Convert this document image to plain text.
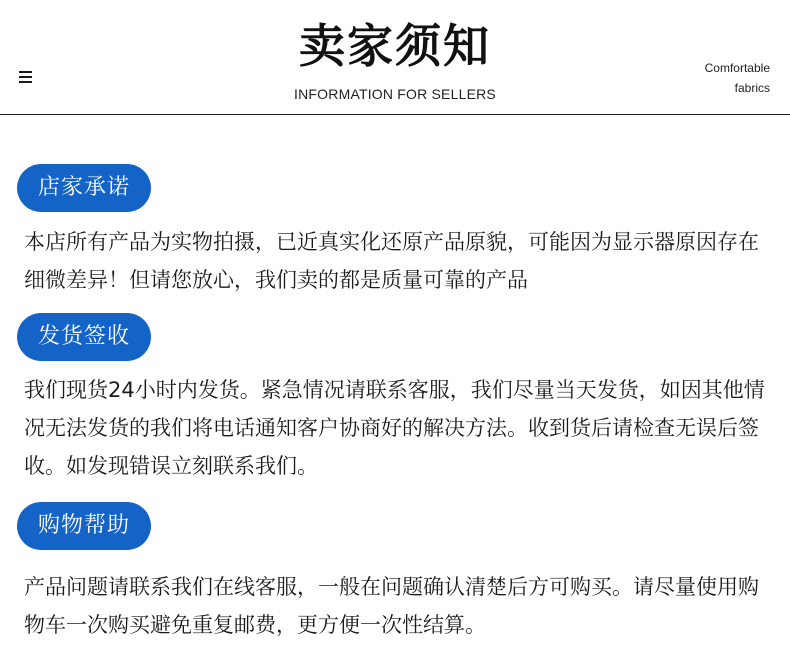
卖家须知
INFORMATION FOR SELLERS
Comfortable
fabrics
店家承诺

本店所有产品为实物拍摄，已近真实化还原产品原貌，可能因为显示器原因存在细微差异！但请您放心，我们卖的都是质量可靠的产品

发货签收

我们现货24小时内发货。紧急情况请联系客服，我们尽量当天发货，如因其他情况无法发货的我们将电话通知客户协商好的解决方法。收到货后请检查无误后签收。如发现错误立刻联系我们。

购物帮助

产品问题请联系我们在线客服，一般在问题确认清楚后方可购买。请尽量使用购物车一次购买避免重复邮费，更方便一次性结算。
